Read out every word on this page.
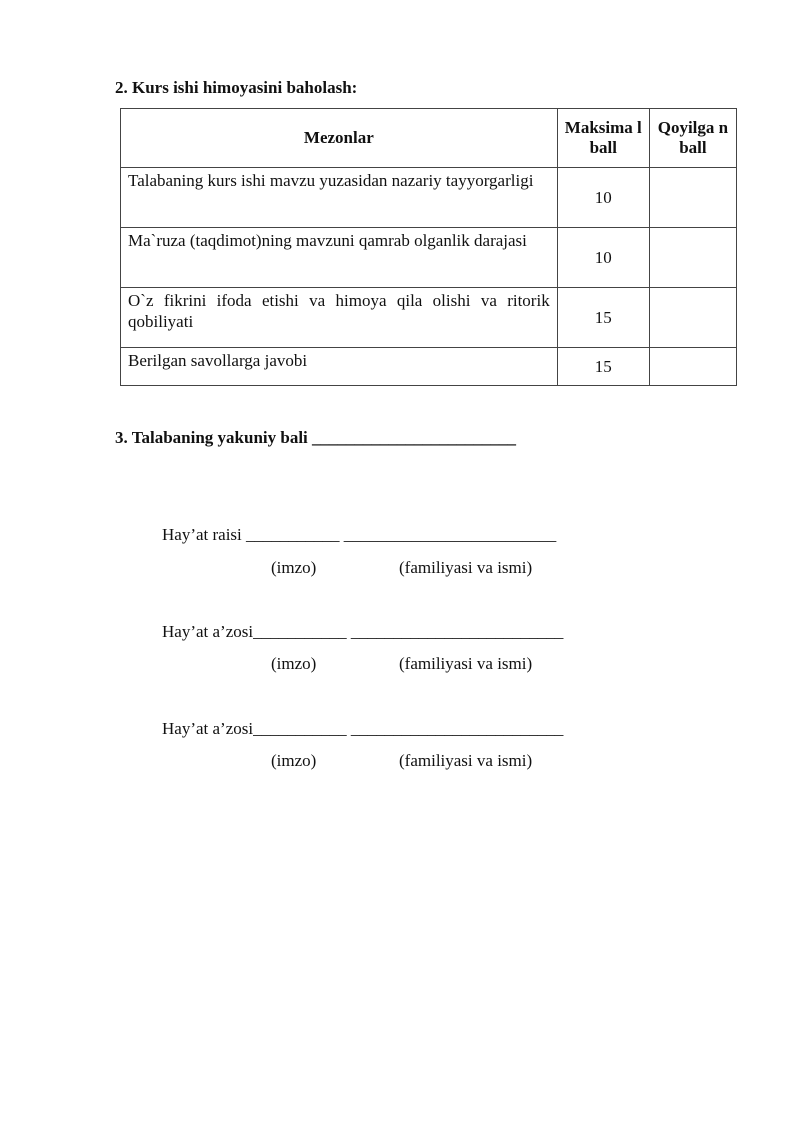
2. Kurs ishi himoyasini baholash:

Mezonlar	Maksima l ball	Qoyilga n ball
Talabaning kurs ishi mavzu yuzasidan nazariy tayyorgarligi	10	
Ma`ruza (taqdimot)ning mavzuni qamrab olganlik darajasi	10	
O`z fikrini ifoda etishi va himoya qila olishi va ritorik qobiliyati	15	
Berilgan savollarga javobi	15	

3. Talabaning yakuniy bali ________________________

Hay’at raisi ___________ _________________________
(imzo)	(familiyasi va ismi)
Hay’at a’zosi___________ _________________________
(imzo)	(familiyasi va ismi)
Hay’at a’zosi___________ _________________________
(imzo)	(familiyasi va ismi)
